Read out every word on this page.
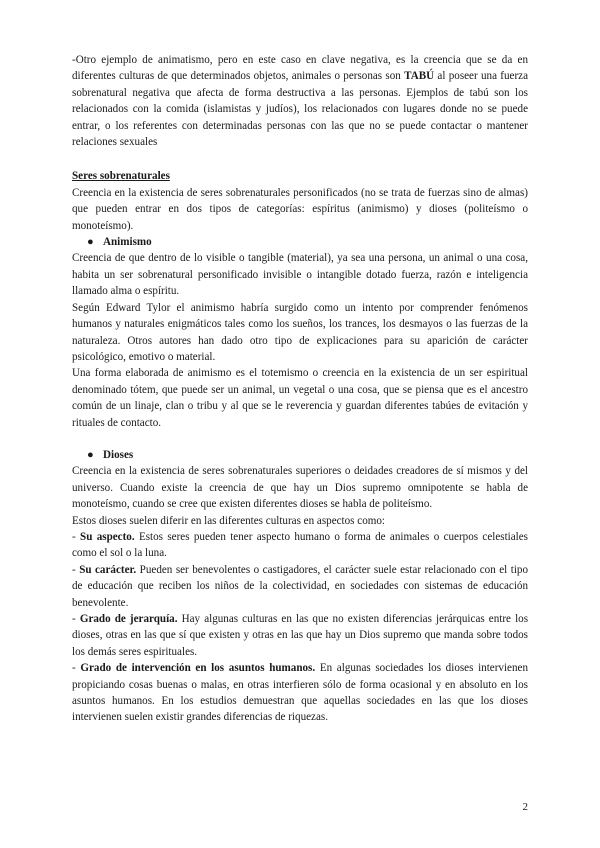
-Otro ejemplo de animatismo, pero en este caso en clave negativa, es la creencia que se da en diferentes culturas de que determinados objetos, animales o personas son TABÚ al poseer una fuerza sobrenatural negativa que afecta de forma destructiva a las personas. Ejemplos de tabú son los relacionados con la comida (islamistas y judíos), los relacionados con lugares donde no se puede entrar, o los referentes con determinadas personas con las que no se puede contactar o mantener relaciones sexuales

Seres sobrenaturales

Creencia en la existencia de seres sobrenaturales personificados (no se trata de fuerzas sino de almas) que pueden entrar en dos tipos de categorías: espíritus (animismo) y dioses (politeísmo o monoteísmo).

● Animismo

Creencia de que dentro de lo visible o tangible (material), ya sea una persona, un animal o una cosa, habita un ser sobrenatural personificado invisible o intangible dotado fuerza, razón e inteligencia llamado alma o espíritu.

Según Edward Tylor el animismo habría surgido como un intento por comprender fenómenos humanos y naturales enigmáticos tales como los sueños, los trances, los desmayos o las fuerzas de la naturaleza. Otros autores han dado otro tipo de explicaciones para su aparición de carácter psicológico, emotivo o material.

Una forma elaborada de animismo es el totemismo o creencia en la existencia de un ser espiritual denominado tótem, que puede ser un animal, un vegetal o una cosa, que se piensa que es el ancestro común de un linaje, clan o tribu y al que se le reverencia y guardan diferentes tabúes de evitación y rituales de contacto.

● Dioses

Creencia en la existencia de seres sobrenaturales superiores o deidades creadores de sí mismos y del universo. Cuando existe la creencia de que hay un Dios supremo omnipotente se habla de monoteísmo, cuando se cree que existen diferentes dioses se habla de politeísmo.

Estos dioses suelen diferir en las diferentes culturas en aspectos como:

- Su aspecto. Estos seres pueden tener aspecto humano o forma de animales o cuerpos celestiales como el sol o la luna.

- Su carácter. Pueden ser benevolentes o castigadores, el carácter suele estar relacionado con el tipo de educación que reciben los niños de la colectividad, en sociedades con sistemas de educación benevolente.

- Grado de jerarquía. Hay algunas culturas en las que no existen diferencias jerárquicas entre los dioses, otras en las que sí que existen y otras en las que hay un Dios supremo que manda sobre todos los demás seres espirituales.

- Grado de intervención en los asuntos humanos. En algunas sociedades los dioses intervienen propiciando cosas buenas o malas, en otras interfieren sólo de forma ocasional y en absoluto en los asuntos humanos. En los estudios demuestran que aquellas sociedades en las que los dioses intervienen suelen existir grandes diferencias de riquezas.

2
